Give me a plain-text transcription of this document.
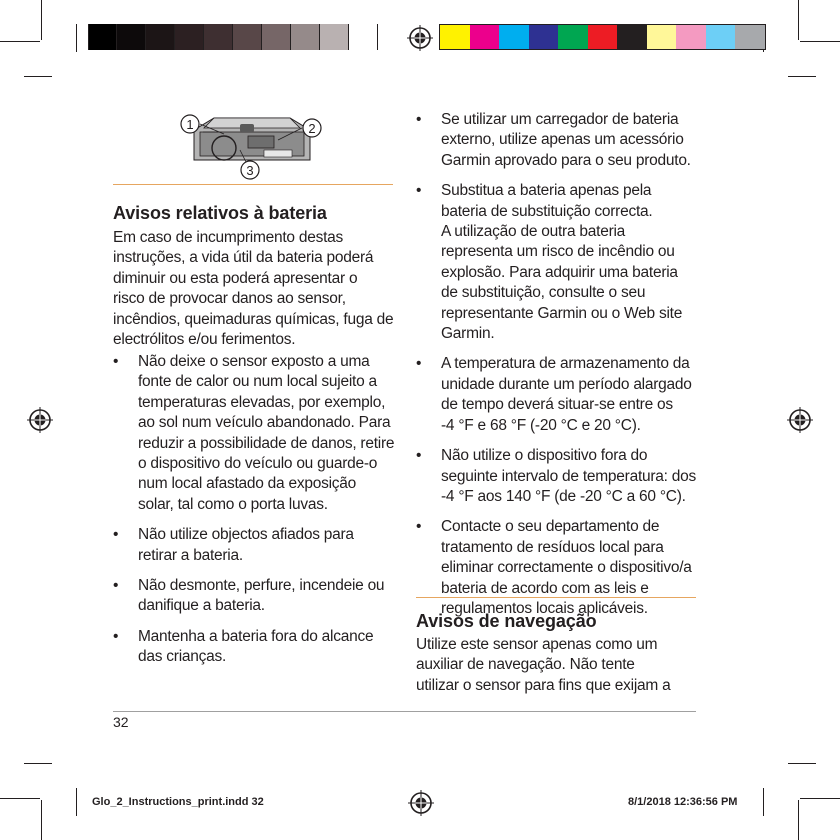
1	2
3
Avisos relativos à bateria
Em caso de incumprimento destas
instruções, a vida útil da bateria poderá
diminuir ou esta poderá apresentar o
risco de provocar danos ao sensor,
incêndios, queimaduras químicas, fuga de
electrólitos e/ou ferimentos.
• Não deixe o sensor exposto a uma
fonte de calor ou num local sujeito a
temperaturas elevadas, por exemplo,
ao sol num veículo abandonado. Para
reduzir a possibilidade de danos, retire
o dispositivo do veículo ou guarde-o
num local afastado da exposição
solar, tal como o porta luvas.
• Não utilize objectos afiados para
retirar a bateria.
• Não desmonte, perfure, incendeie ou
danifique a bateria.
• Mantenha a bateria fora do alcance
das crianças.
• Se utilizar um carregador de bateria
externo, utilize apenas um acessório
Garmin aprovado para o seu produto.
• Substitua a bateria apenas pela
bateria de substituição correcta.
A utilização de outra bateria
representa um risco de incêndio ou
explosão. Para adquirir uma bateria
de substituição, consulte o seu
representante Garmin ou o Web site
Garmin.
• A temperatura de armazenamento da
unidade durante um período alargado
de tempo deverá situar-se entre os
-4 °F e 68 °F (-20 °C e 20 °C).
• Não utilize o dispositivo fora do
seguinte intervalo de temperatura: dos
-4 °F aos 140 °F (de -20 °C a 60 °C).
• Contacte o seu departamento de
tratamento de resíduos local para
eliminar correctamente o dispositivo/a
bateria de acordo com as leis e
regulamentos locais aplicáveis.
Avisos de navegação
Utilize este sensor apenas como um
auxiliar de navegação. Não tente
utilizar o sensor para fins que exijam a
32
Glo_2_Instructions_print.indd 32	8/1/2018 12:36:56 PM
